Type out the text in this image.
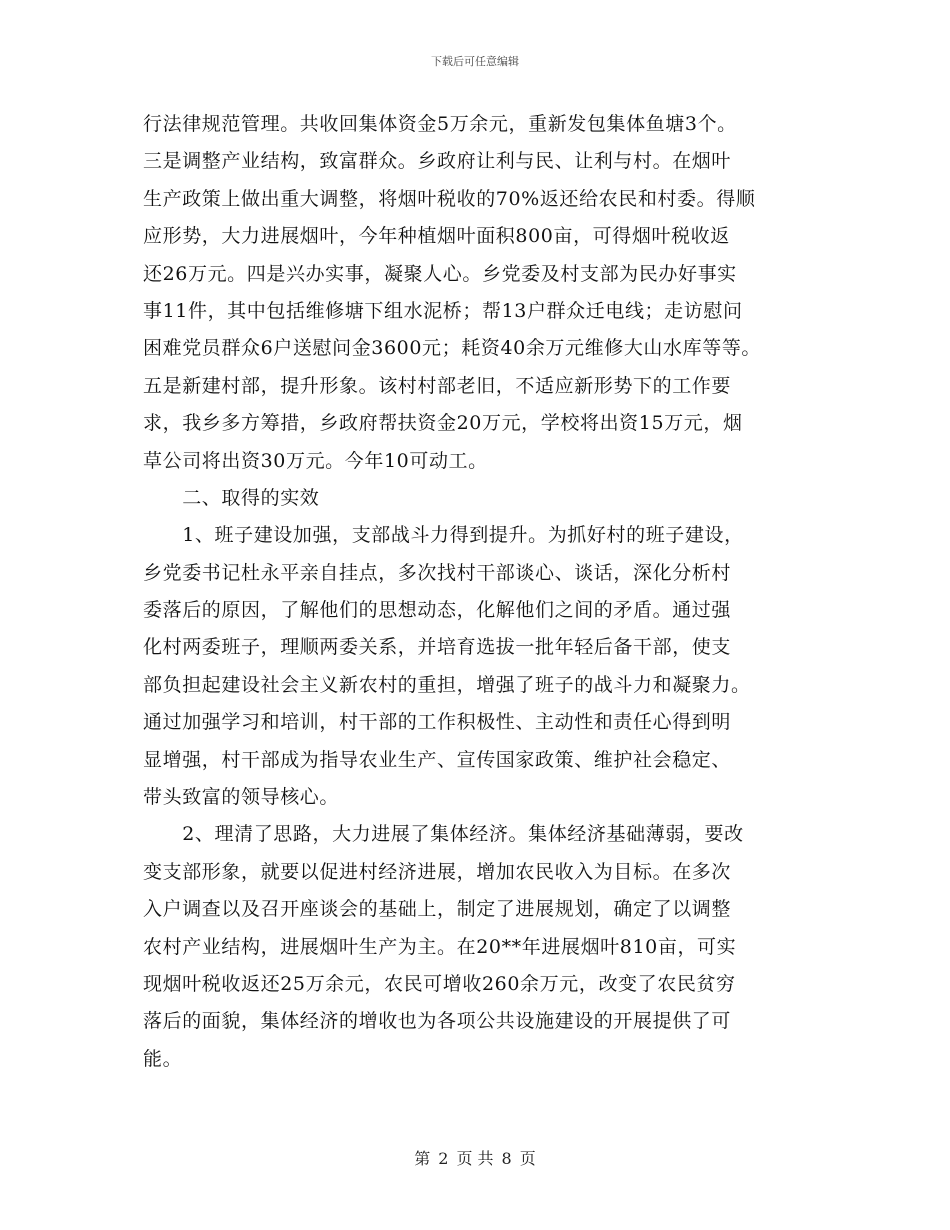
下载后可任意编辑
行法律规范管理。共收回集体资金5万余元，重新发包集体鱼塘3个。
三是调整产业结构，致富群众。乡政府让利与民、让利与村。在烟叶
生产政策上做出重大调整，将烟叶税收的70%返还给农民和村委。得顺
应形势，大力进展烟叶，今年种植烟叶面积800亩，可得烟叶税收返
还26万元。四是兴办实事，凝聚人心。乡党委及村支部为民办好事实
事11件，其中包括维修塘下组水泥桥；帮13户群众迁电线；走访慰问
困难党员群众6户送慰问金3600元；耗资40余万元维修大山水库等等。
五是新建村部，提升形象。该村村部老旧，不适应新形势下的工作要
求，我乡多方筹措，乡政府帮扶资金20万元，学校将出资15万元，烟
草公司将出资30万元。今年10可动工。
　　二、取得的实效
　　1、班子建设加强，支部战斗力得到提升。为抓好村的班子建设，
乡党委书记杜永平亲自挂点，多次找村干部谈心、谈话，深化分析村
委落后的原因，了解他们的思想动态，化解他们之间的矛盾。通过强
化村两委班子，理顺两委关系，并培育选拔一批年轻后备干部，使支
部负担起建设社会主义新农村的重担，增强了班子的战斗力和凝聚力。
通过加强学习和培训，村干部的工作积极性、主动性和责任心得到明
显增强，村干部成为指导农业生产、宣传国家政策、维护社会稳定、
带头致富的领导核心。
　　2、理清了思路，大力进展了集体经济。集体经济基础薄弱，要改
变支部形象，就要以促进村经济进展，增加农民收入为目标。在多次
入户调查以及召开座谈会的基础上，制定了进展规划，确定了以调整
农村产业结构，进展烟叶生产为主。在20**年进展烟叶810亩，可实
现烟叶税收返还25万余元，农民可增收260余万元，改变了农民贫穷
落后的面貌，集体经济的增收也为各项公共设施建设的开展提供了可
能。
第 2 页 共 8 页
